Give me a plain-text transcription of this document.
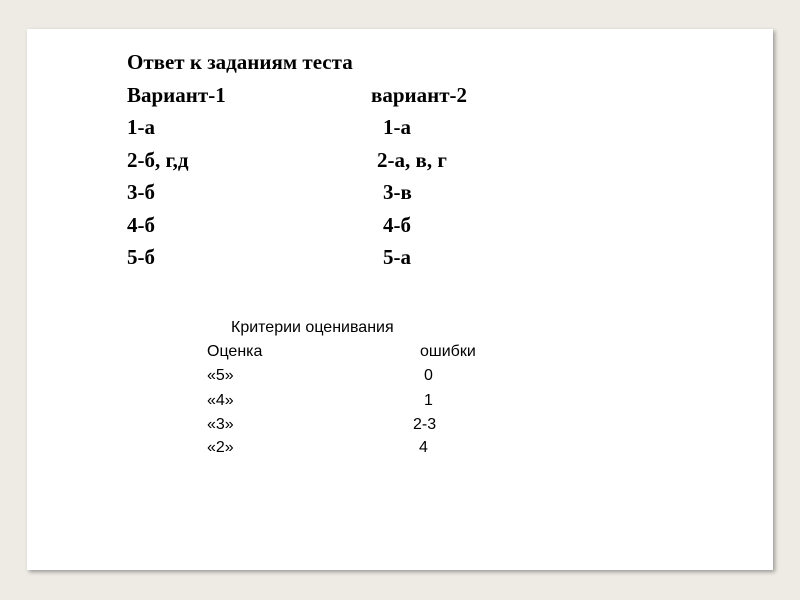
Ответ к заданиям теста
Вариант-1	вариант-2
1-а	1-а
2-б, г,д	2-а, в, г
3-б	3-в
4-б	4-б
5-б	5-а
Критерии оценивания
Оценка	ошибки
«5»	0
«4»	1
«3»	2-3
«2»	4
